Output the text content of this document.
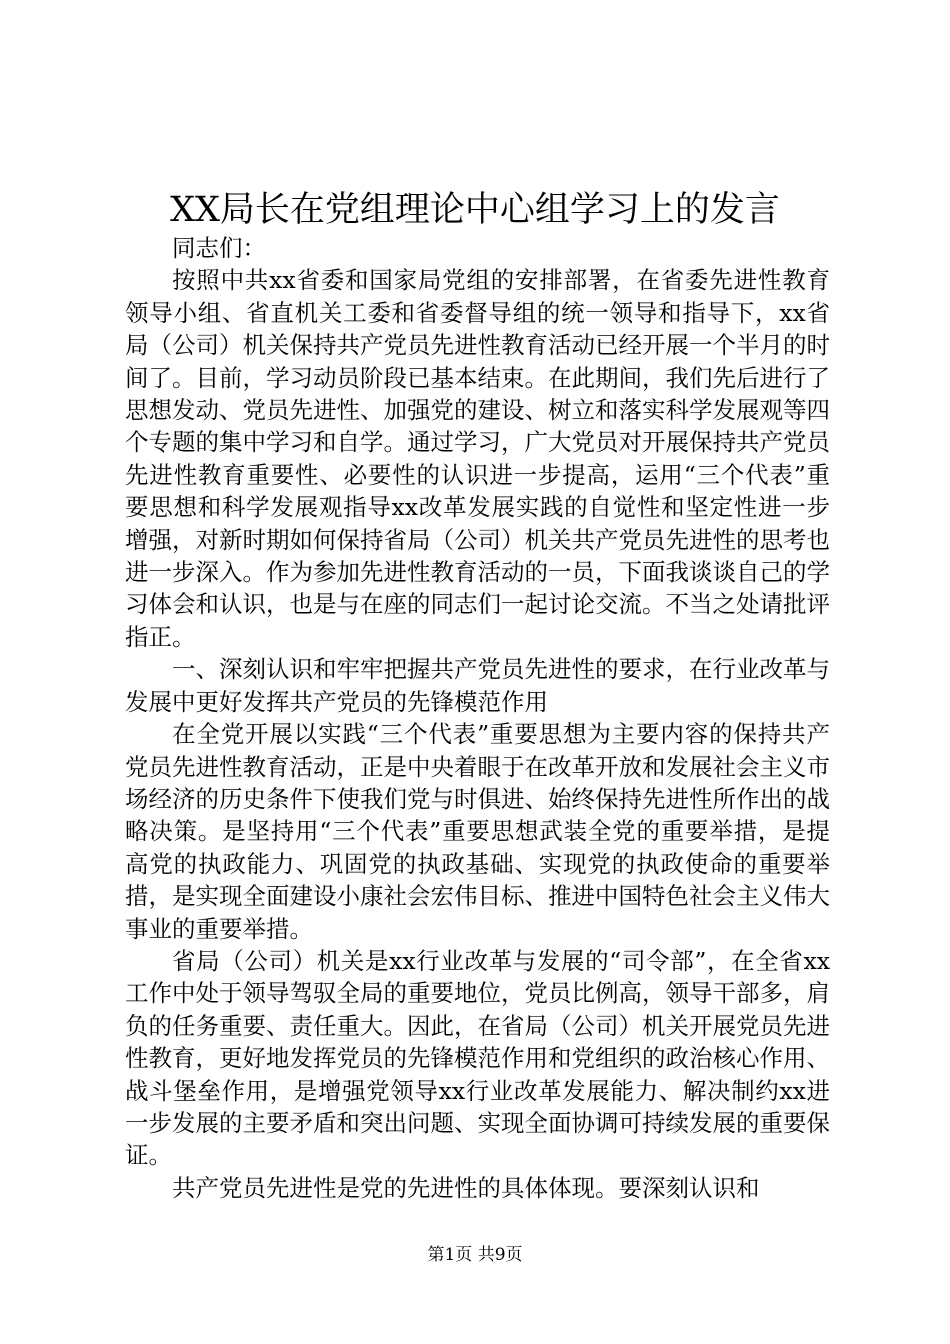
XX局长在党组理论中心组学习上的发言

同志们：

按照中共xx省委和国家局党组的安排部署，在省委先进性教育领导小组、省直机关工委和省委督导组的统一领导和指导下，xx省局（公司）机关保持共产党员先进性教育活动已经开展一个半月的时间了。目前，学习动员阶段已基本结束。在此期间，我们先后进行了思想发动、党员先进性、加强党的建设、树立和落实科学发展观等四个专题的集中学习和自学。通过学习，广大党员对开展保持共产党员先进性教育重要性、必要性的认识进一步提高，运用“三个代表”重要思想和科学发展观指导xx改革发展实践的自觉性和坚定性进一步增强，对新时期如何保持省局（公司）机关共产党员先进性的思考也进一步深入。作为参加先进性教育活动的一员，下面我谈谈自己的学习体会和认识，也是与在座的同志们一起讨论交流。不当之处请批评指正。

一、深刻认识和牢牢把握共产党员先进性的要求，在行业改革与发展中更好发挥共产党员的先锋模范作用

在全党开展以实践“三个代表”重要思想为主要内容的保持共产党员先进性教育活动，正是中央着眼于在改革开放和发展社会主义市场经济的历史条件下使我们党与时俱进、始终保持先进性所作出的战略决策。是坚持用“三个代表”重要思想武装全党的重要举措，是提高党的执政能力、巩固党的执政基础、实现党的执政使命的重要举措，是实现全面建设小康社会宏伟目标、推进中国特色社会主义伟大事业的重要举措。

省局（公司）机关是xx行业改革与发展的“司令部”，在全省xx工作中处于领导驾驭全局的重要地位，党员比例高，领导干部多，肩负的任务重要、责任重大。因此，在省局（公司）机关开展党员先进性教育，更好地发挥党员的先锋模范作用和党组织的政治核心作用、战斗堡垒作用，是增强党领导xx行业改革发展能力、解决制约xx进一步发展的主要矛盾和突出问题、实现全面协调可持续发展的重要保证。

共产党员先进性是党的先进性的具体体现。要深刻认识和

第1页 共9页
